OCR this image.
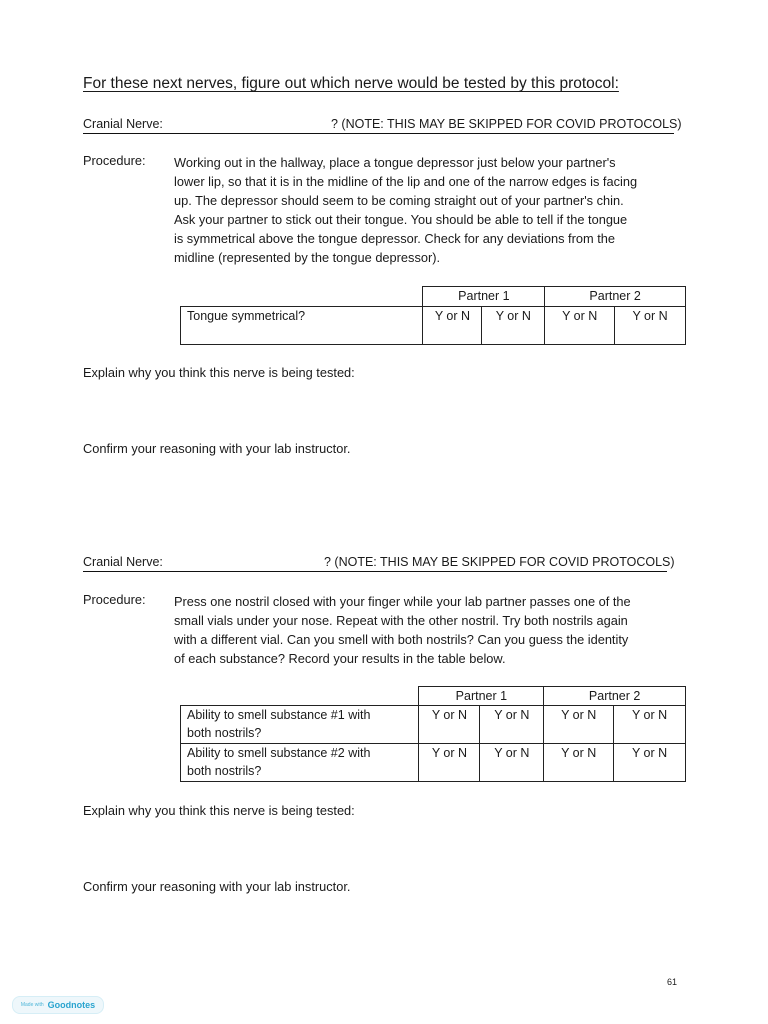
For these next nerves, figure out which nerve would be tested by this protocol:
Cranial Nerve:	? (NOTE: THIS MAY BE SKIPPED FOR COVID PROTOCOLS)
Procedure: Working out in the hallway, place a tongue depressor just below your partner's
lower lip, so that it is in the midline of the lip and one of the narrow edges is facing
up. The depressor should seem to be coming straight out of your partner's chin.
Ask your partner to stick out their tongue. You should be able to tell if the tongue
is symmetrical above the tongue depressor. Check for any deviations from the
midline (represented by the tongue depressor).
	Partner 1		Partner 2	
Tongue symmetrical?	Y or N	Y or N	Y or N	Y or N
Explain why you think this nerve is being tested:
Confirm your reasoning with your lab instructor.
Cranial Nerve:	? (NOTE: THIS MAY BE SKIPPED FOR COVID PROTOCOLS)
Procedure: Press one nostril closed with your finger while your lab partner passes one of the
small vials under your nose. Repeat with the other nostril. Try both nostrils again
with a different vial. Can you smell with both nostrils? Can you guess the identity
of each substance? Record your results in the table below.
	Partner 1		Partner 2	

Ability to smell substance #1 with
both nostrils?	Y or N	Y or N	Y or N	Y or N

Ability to smell substance #2 with
both nostrils?	Y or N	Y or N	Y or N	Y or N
Explain why you think this nerve is being tested:
Confirm your reasoning with your lab instructor.
61
Made with Goodnotes
